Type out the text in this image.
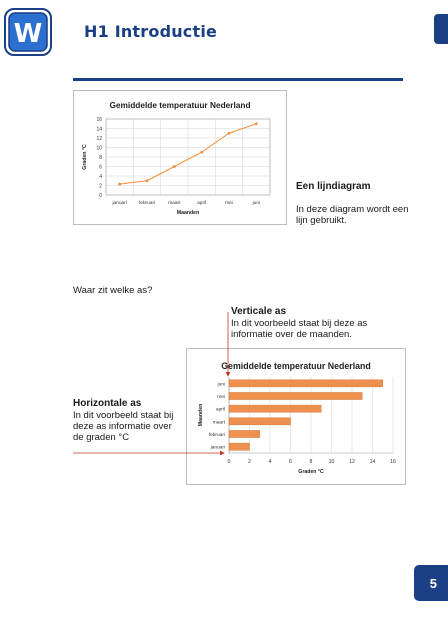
W	H1 Introductie
Gemiddelde temperatuur Nederland
0
2
4
6
8
10
12
14
16
januari februari	maart	april	mei	juni
Maanden
Graden °C
Een lijndiagram
In deze diagram wordt een lijn gebruikt.
Waar zit welke as?
Verticale as
In dit voorbeeld staat bij deze as informatie over de maanden.
Gemiddelde temperatuur Nederland
0	2	4	6	8	10	12	14	16
januari
februari
maart
april
mei
juni
Graden °C
Maanden
Horizontale as
In dit voorbeeld staat bij deze as informatie over de graden °C
5
